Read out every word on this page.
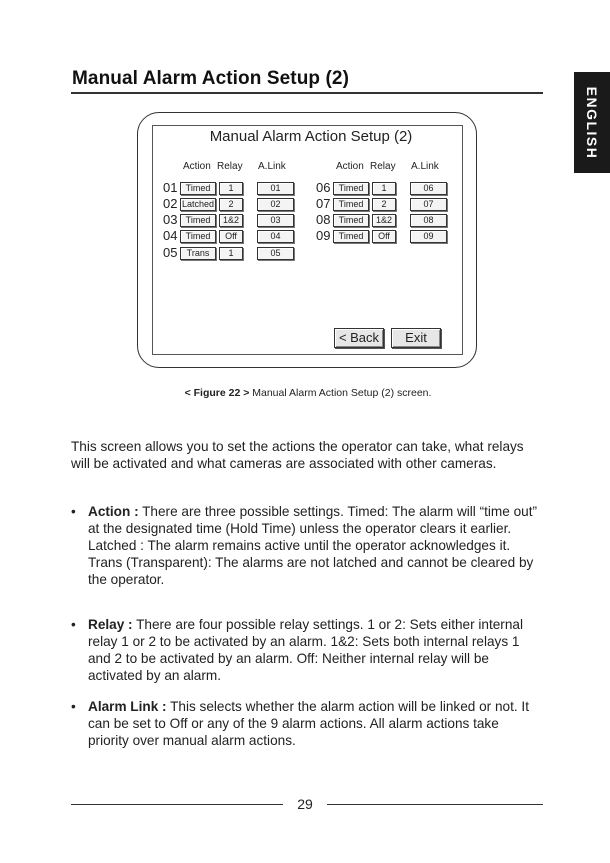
Manual Alarm Action Setup (2)
ENGLISH
Manual Alarm Action Setup (2)
Action Relay A.Link	Action Relay A.Link
01 Timed	1	01
02 Latched	2	02
03 Timed	1&2	03
04 Timed	Off	04
05	Trans	1	05
06 Timed	1	06
07 Timed	2	07
08 Timed	1&2	08
09 Timed	Off	09
< Back	Exit
< Figure 22 > Manual Alarm Action Setup (2) screen.
This screen allows you to set the actions the operator can take, what relays will be activated and what cameras are associated with other cameras.
• Action : There are three possible settings. Timed: The alarm will “time out” at the designated time (Hold Time) unless the operator clears it earlier.
Latched : The alarm remains active until the operator acknowledges it. Trans (Transparent): The alarms are not latched and cannot be cleared by the operator.
• Relay : There are four possible relay settings. 1 or 2: Sets either internal relay 1 or 2 to be activated by an alarm. 1&2: Sets both internal relays 1 and 2 to be activated by an alarm. Off: Neither internal relay will be activated by an alarm.
• Alarm Link : This selects whether the alarm action will be linked or not. It can be set to Off or any of the 9 alarm actions. All alarm actions take priority over manual alarm actions.
29
